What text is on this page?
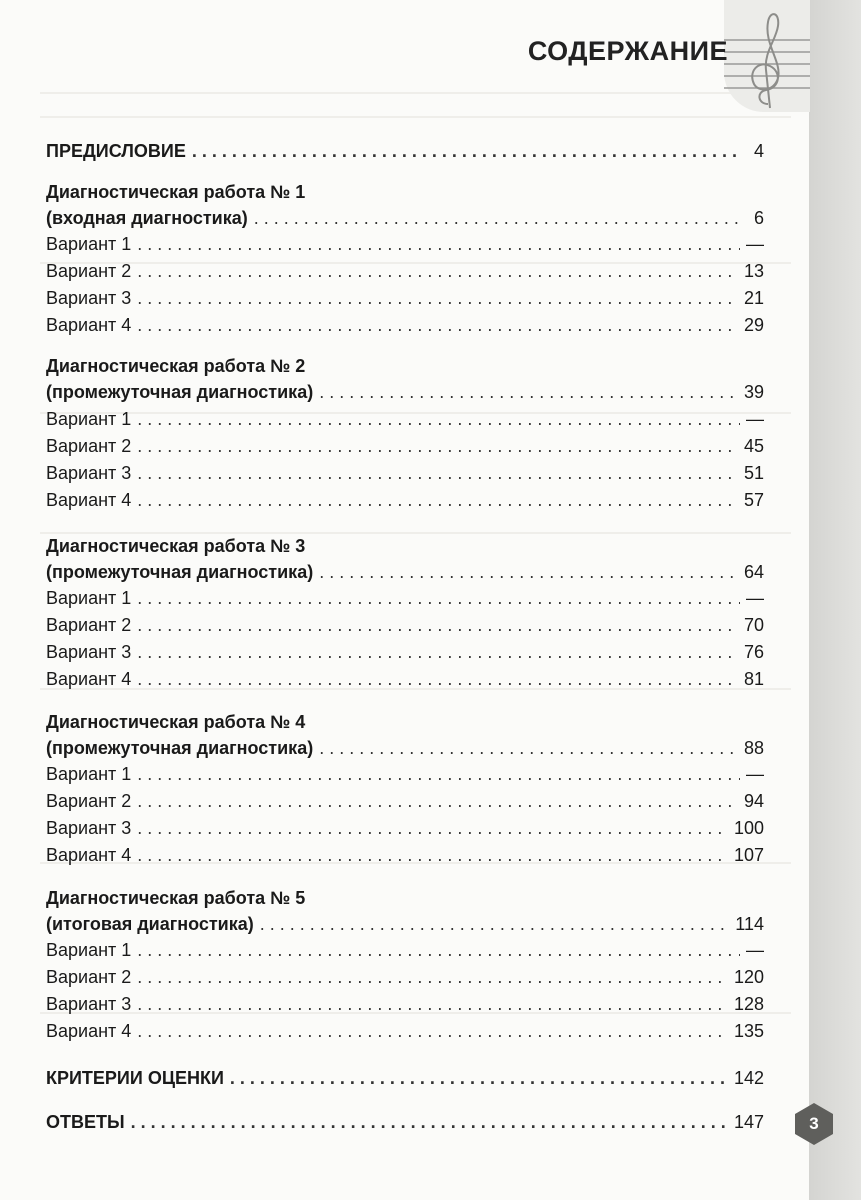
СОДЕРЖАНИЕ
ПРЕДИСЛОВИЕ . . .	4
Диагностическая работа № 1
(входная диагностика) . . .	6
Вариант 1 . . .	—
Вариант 2 . . .	13
Вариант 3 . . .	21
Вариант 4 . . .	29
Диагностическая работа № 2
(промежуточная диагностика) . . .	39
Вариант 1 . . .	—
Вариант 2 . . .	45
Вариант 3 . . .	51
Вариант 4 . . .	57
Диагностическая работа № 3
(промежуточная диагностика) . . .	64
Вариант 1 . . .	—
Вариант 2 . . .	70
Вариант 3 . . .	76
Вариант 4 . . .	81
Диагностическая работа № 4
(промежуточная диагностика) . . .	88
Вариант 1 . . .	—
Вариант 2 . . .	94
Вариант 3 . . .	100
Вариант 4 . . .	107
Диагностическая работа № 5
(итоговая диагностика) . . .	114
Вариант 1 . . .	—
Вариант 2 . . .	120
Вариант 3 . . .	128
Вариант 4 . . .	135
КРИТЕРИИ ОЦЕНКИ . . .	142
ОТВЕТЫ . . .	147	3
